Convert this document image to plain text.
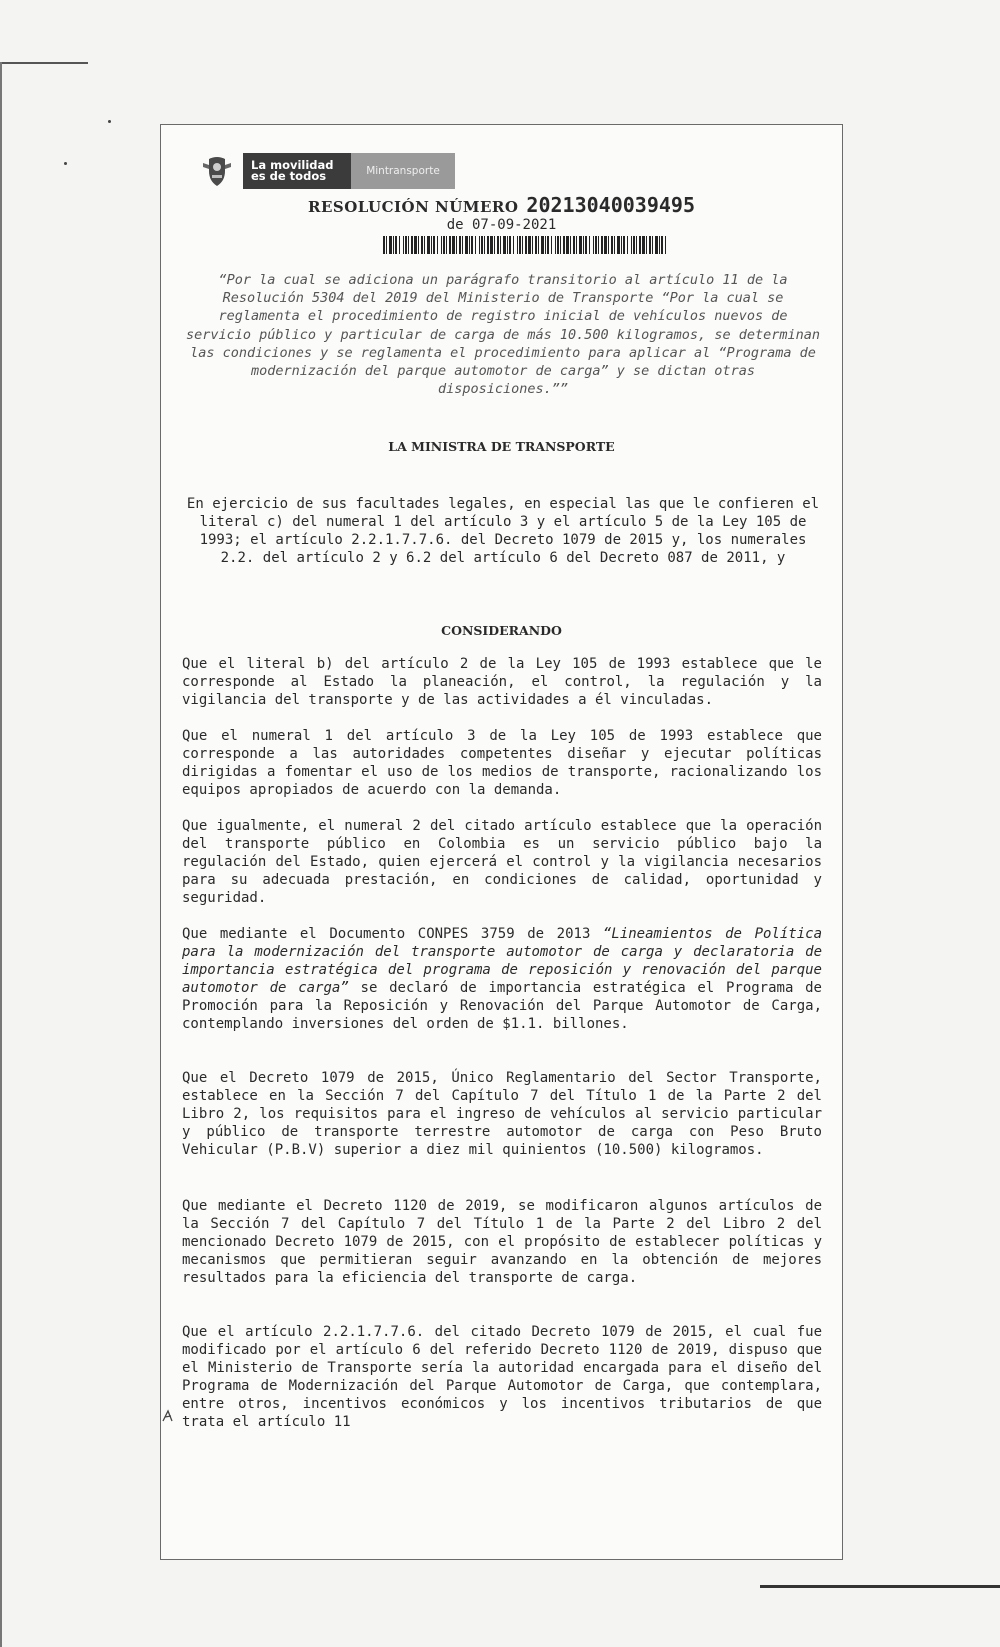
La movilidad
es de todos	Mintransporte
RESOLUCIÓN NÚMERO 20213040039495
de 07-09-2021
“Por la cual se adiciona un parágrafo transitorio al artículo 11 de la Resolución 5304 del 2019 del Ministerio de Transporte “Por la cual se reglamenta el procedimiento de registro inicial de vehículos nuevos de servicio público y particular de carga de más 10.500 kilogramos, se determinan las condiciones y se reglamenta el procedimiento para aplicar al “Programa de modernización del parque automotor de carga” y se dictan otras disposiciones.””
LA MINISTRA DE TRANSPORTE
En ejercicio de sus facultades legales, en especial las que le confieren el literal c) del numeral 1 del artículo 3 y el artículo 5 de la Ley 105 de 1993; el artículo 2.2.1.7.7.6. del Decreto 1079 de 2015 y, los numerales 2.2. del artículo 2 y 6.2 del artículo 6 del Decreto 087 de 2011, y
CONSIDERANDO

Que el literal b) del artículo 2 de la Ley 105 de 1993 establece que le corresponde al Estado la planeación, el control, la regulación y la vigilancia del transporte y de las actividades a él vinculadas.

Que el numeral 1 del artículo 3 de la Ley 105 de 1993 establece que corresponde a las autoridades competentes diseñar y ejecutar políticas dirigidas a fomentar el uso de los medios de transporte, racionalizando los equipos apropiados de acuerdo con la demanda.

Que igualmente, el numeral 2 del citado artículo establece que la operación del transporte público en Colombia es un servicio público bajo la regulación del Estado, quien ejercerá el control y la vigilancia necesarios para su adecuada prestación, en condiciones de calidad, oportunidad y seguridad.

Que mediante el Documento CONPES 3759 de 2013 “Lineamientos de Política para la modernización del transporte automotor de carga y declaratoria de importancia estratégica del programa de reposición y renovación del parque automotor de carga” se declaró de importancia estratégica el Programa de Promoción para la Reposición y Renovación del Parque Automotor de Carga, contemplando inversiones del orden de $1.1. billones.

Que el Decreto 1079 de 2015, Único Reglamentario del Sector Transporte, establece en la Sección 7 del Capítulo 7 del Título 1 de la Parte 2 del Libro 2, los requisitos para el ingreso de vehículos al servicio particular y público de transporte terrestre automotor de carga con Peso Bruto Vehicular (P.B.V) superior a diez mil quinientos (10.500) kilogramos.

Que mediante el Decreto 1120 de 2019, se modificaron algunos artículos de la Sección 7 del Capítulo 7 del Título 1 de la Parte 2 del Libro 2 del mencionado Decreto 1079 de 2015, con el propósito de establecer políticas y mecanismos que permitieran seguir avanzando en la obtención de mejores resultados para la eficiencia del transporte de carga.

Que el artículo 2.2.1.7.7.6. del citado Decreto 1079 de 2015, el cual fue modificado por el artículo 6 del referido Decreto 1120 de 2019, dispuso que el Ministerio de Transporte sería la autoridad encargada para el diseño del Programa de Modernización del Parque Automotor de Carga, que contemplara, entre otros, incentivos económicos y los incentivos tributarios de que trata el artículo 11
